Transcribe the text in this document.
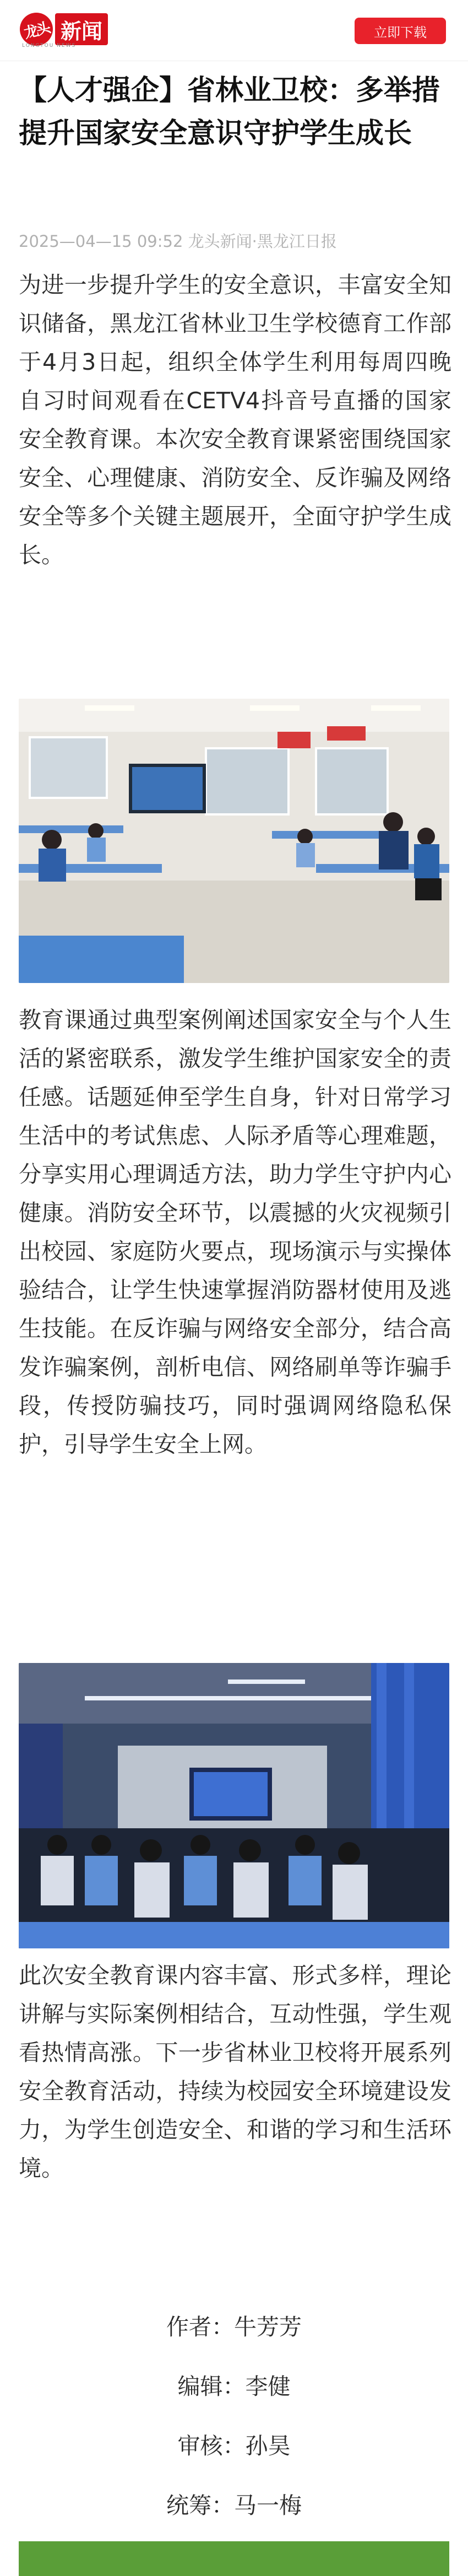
龙头 新闻
LONGTOU NEWS
立即下载
【人才强企】省林业卫校：多举措提升国家安全意识守护学生成长
2025—04—15 09:52 龙头新闻·黑龙江日报

为进一步提升学生的安全意识，丰富安全知识储备，黑龙江省林业卫生学校德育工作部于4月3日起，组织全体学生利用每周四晚自习时间观看在CETV4抖音号直播的国家安全教育课。本次安全教育课紧密围绕国家安全、心理健康、消防安全、反诈骗及网络安全等多个关键主题展开，全面守护学生成长。

教育课通过典型案例阐述国家安全与个人生活的紧密联系，激发学生维护国家安全的责任感。话题延伸至学生自身，针对日常学习生活中的考试焦虑、人际矛盾等心理难题，分享实用心理调适方法，助力学生守护内心健康。消防安全环节，以震撼的火灾视频引出校园、家庭防火要点，现场演示与实操体验结合，让学生快速掌握消防器材使用及逃生技能。在反诈骗与网络安全部分，结合高发诈骗案例，剖析电信、网络刷单等诈骗手段，传授防骗技巧，同时强调网络隐私保护，引导学生安全上网。

此次安全教育课内容丰富、形式多样，理论讲解与实际案例相结合，互动性强，学生观看热情高涨。下一步省林业卫校将开展系列安全教育活动，持续为校园安全环境建设发力，为学生创造安全、和谐的学习和生活环境。

作者：牛芳芳
编辑：李健
审核：孙昊
统筹：马一梅
